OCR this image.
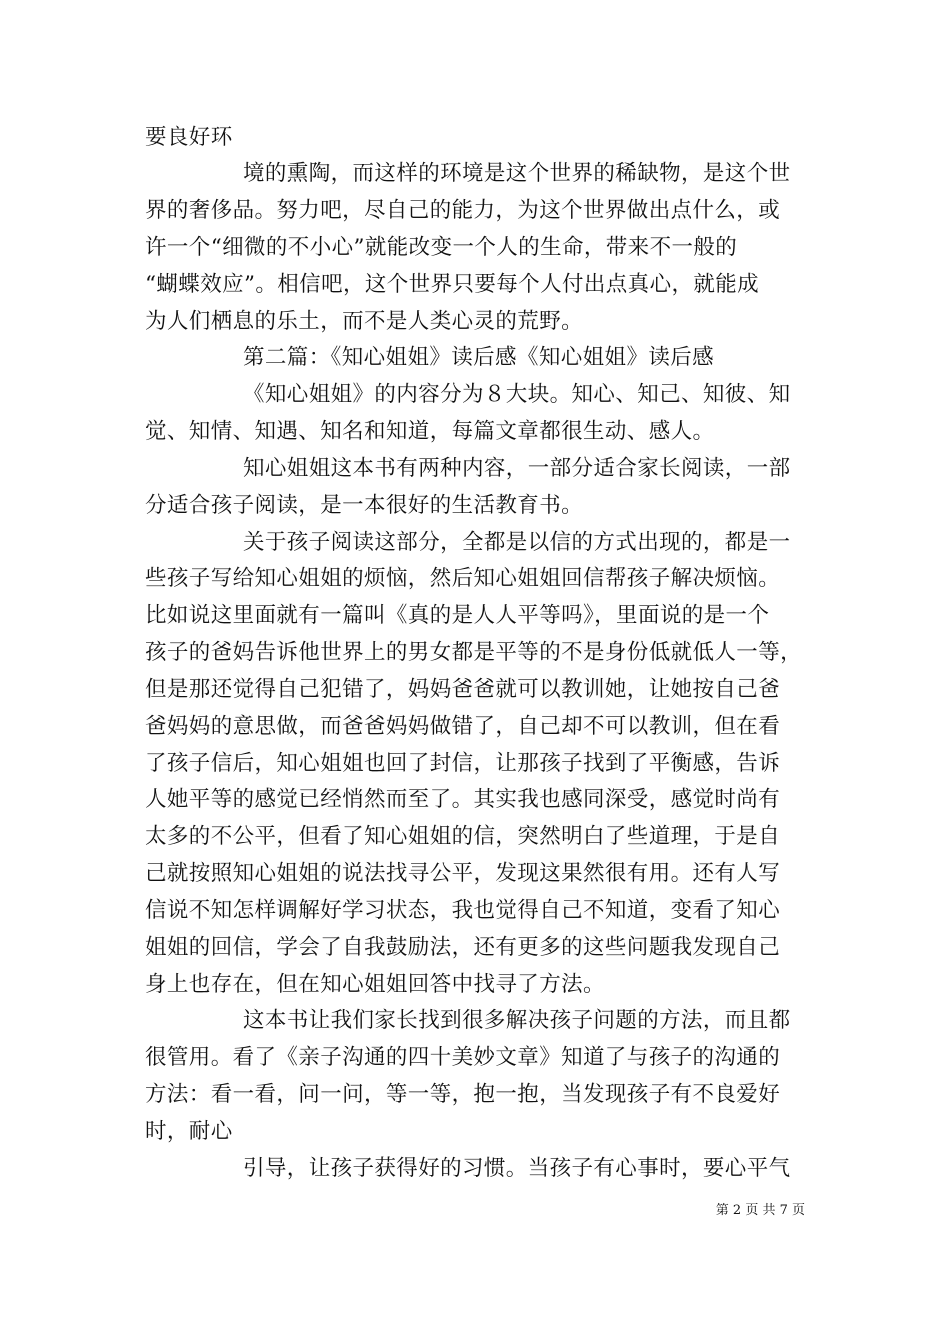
要良好环
境的熏陶，而这样的环境是这个世界的稀缺物，是这个世
界的奢侈品。努力吧，尽自己的能力，为这个世界做出点什么，或
许一个“细微的不小心”就能改变一个人的生命，带来不一般的
“蝴蝶效应”。相信吧，这个世界只要每个人付出点真心，就能成
为人们栖息的乐土，而不是人类心灵的荒野。
第二篇：《知心姐姐》读后感《知心姐姐》读后感
《知心姐姐》的内容分为８大块。知心、知己、知彼、知
觉、知情、知遇、知名和知道，每篇文章都很生动、感人。
知心姐姐这本书有两种内容，一部分适合家长阅读，一部
分适合孩子阅读，是一本很好的生活教育书。
关于孩子阅读这部分，全都是以信的方式出现的，都是一
些孩子写给知心姐姐的烦恼，然后知心姐姐回信帮孩子解决烦恼。
比如说这里面就有一篇叫《真的是人人平等吗》，里面说的是一个
孩子的爸妈告诉他世界上的男女都是平等的不是身份低就低人一等，
但是那还觉得自己犯错了，妈妈爸爸就可以教训她，让她按自己爸
爸妈妈的意思做，而爸爸妈妈做错了，自己却不可以教训，但在看
了孩子信后，知心姐姐也回了封信，让那孩子找到了平衡感，告诉
人她平等的感觉已经悄然而至了。其实我也感同深受，感觉时尚有
太多的不公平，但看了知心姐姐的信，突然明白了些道理，于是自
己就按照知心姐姐的说法找寻公平，发现这果然很有用。还有人写
信说不知怎样调解好学习状态，我也觉得自己不知道，变看了知心
姐姐的回信，学会了自我鼓励法，还有更多的这些问题我发现自己
身上也存在，但在知心姐姐回答中找寻了方法。
这本书让我们家长找到很多解决孩子问题的方法，而且都
很管用。看了《亲子沟通的四十美妙文章》知道了与孩子的沟通的
方法：看一看，问一问，等一等，抱一抱，当发现孩子有不良爱好
时，耐心
引导，让孩子获得好的习惯。当孩子有心事时，要心平气
第 2 页 共 7 页
